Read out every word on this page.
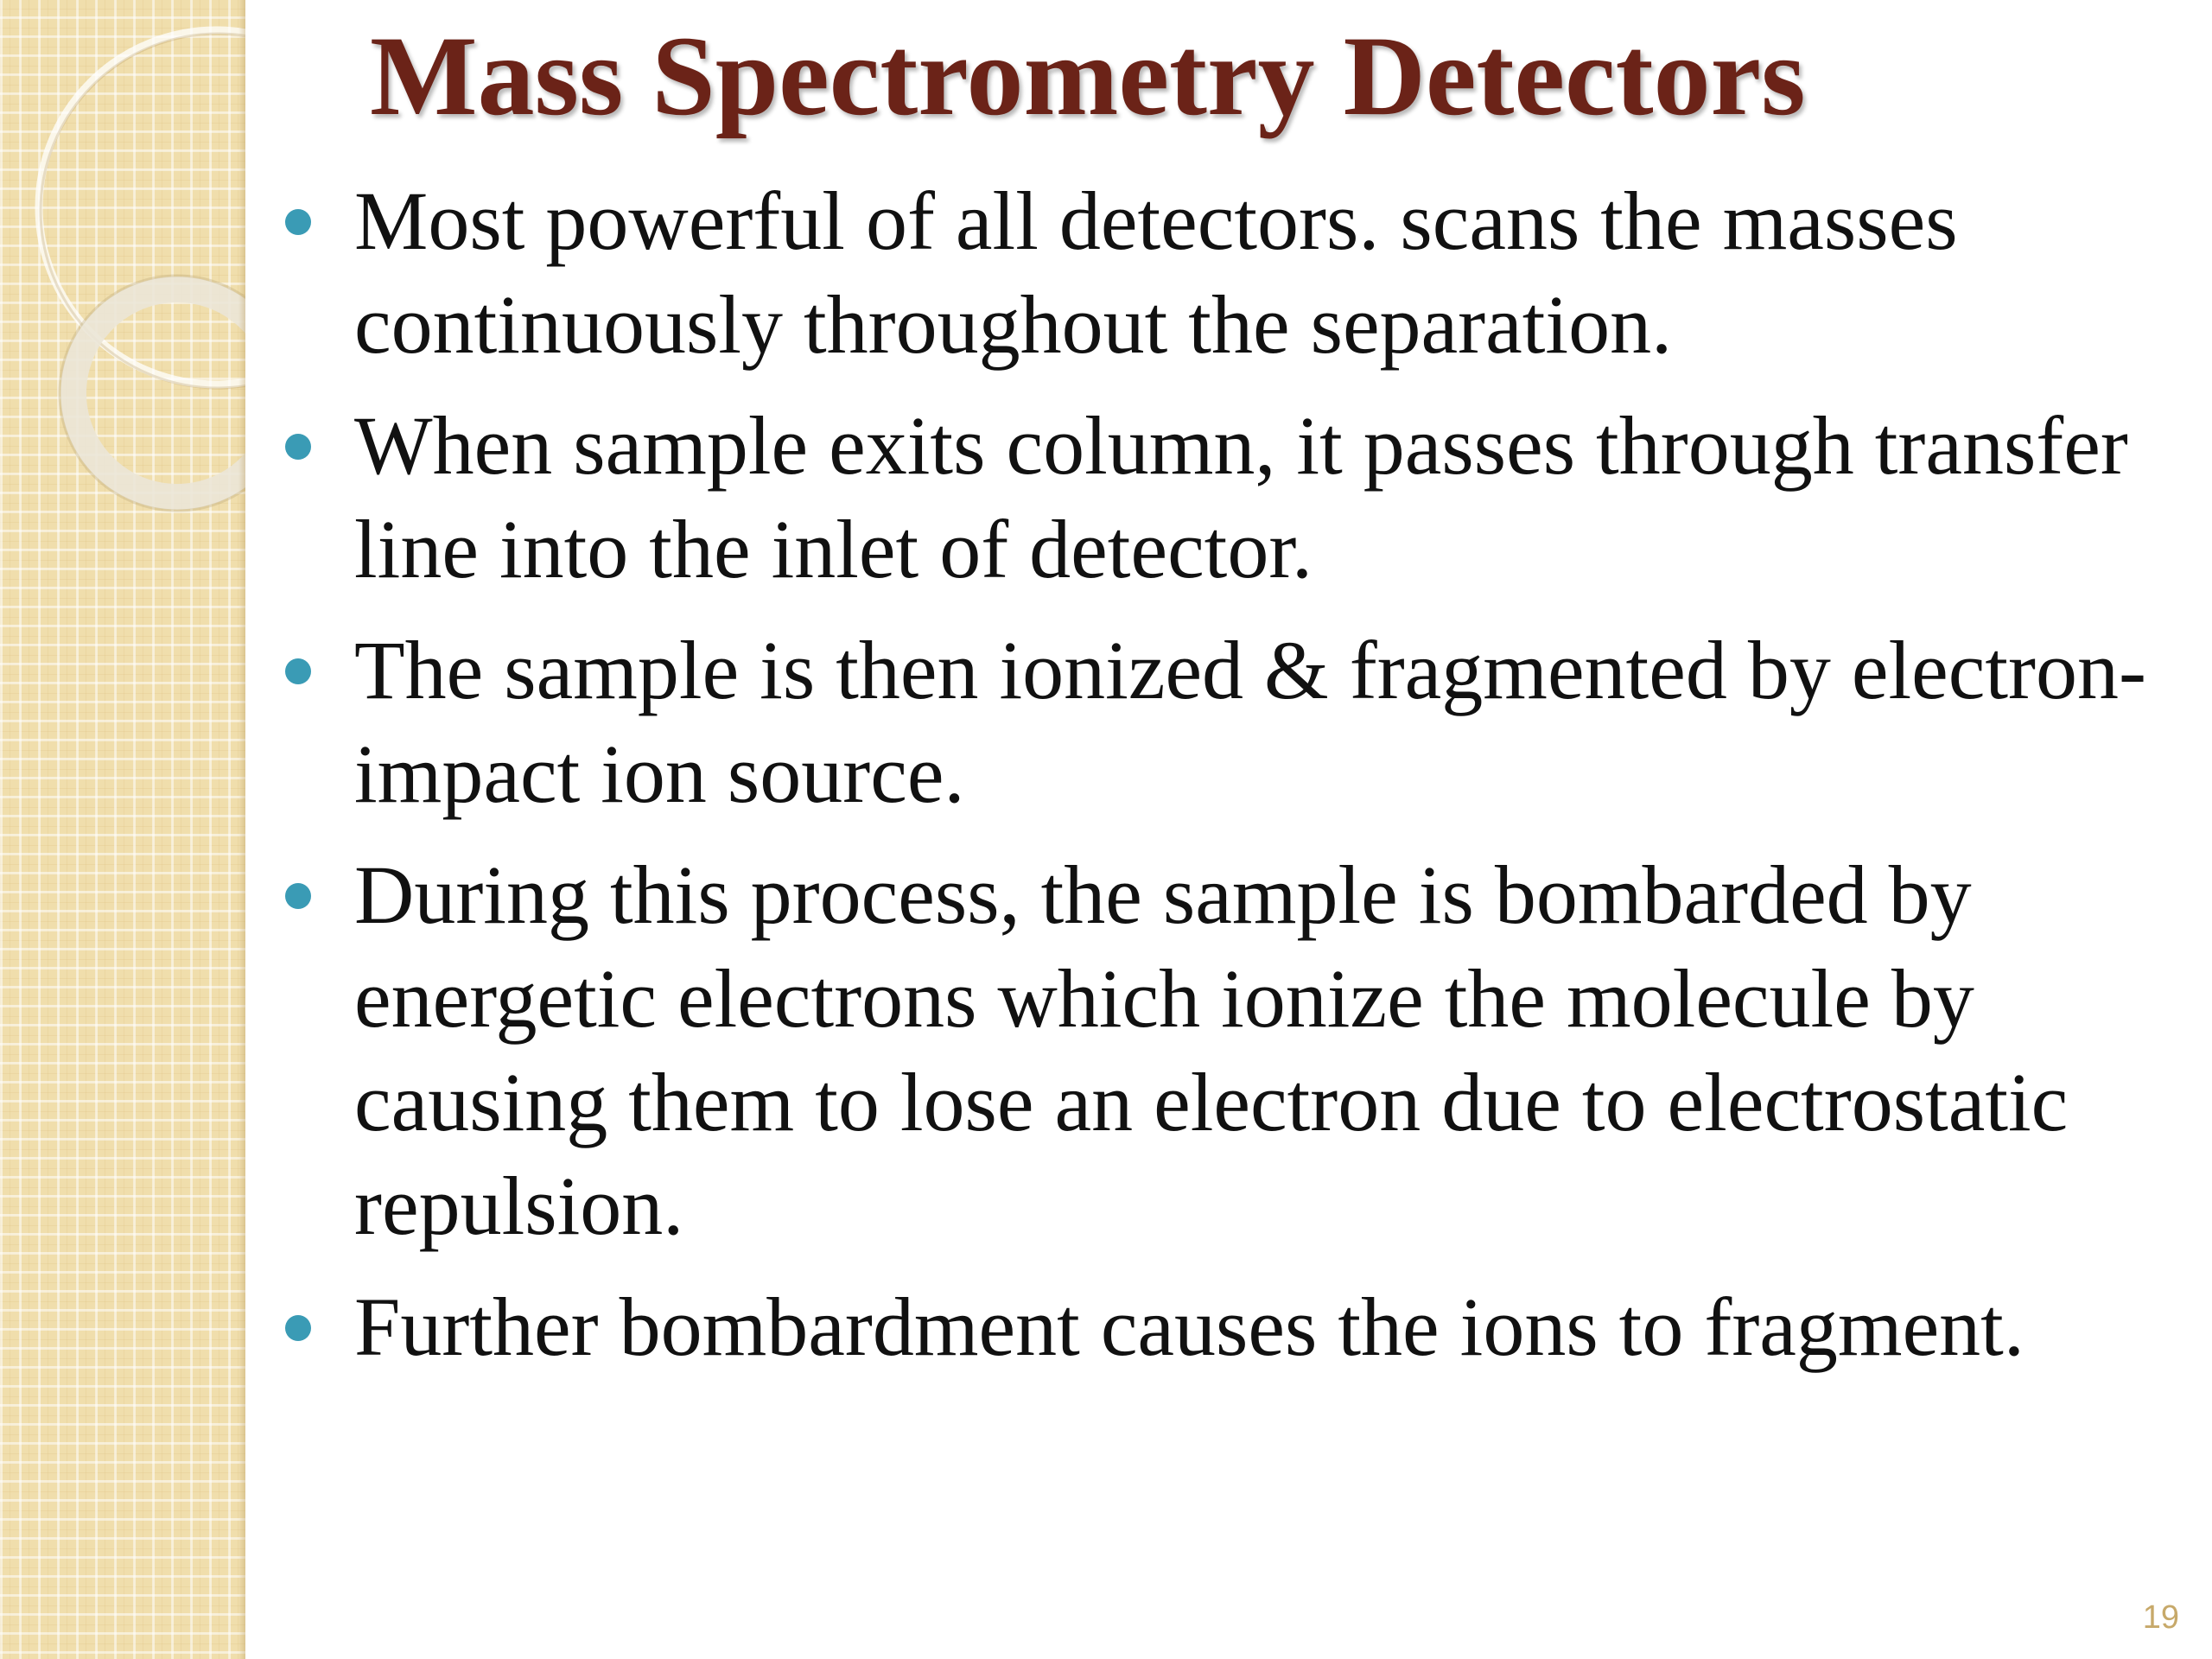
Mass Spectrometry Detectors
Most powerful of all detectors. scans the masses continuously throughout the separation.
When sample exits column, it passes through transfer line into the inlet of detector.
The sample is then ionized & fragmented by electron-impact ion source.
During this process, the sample is bombarded by energetic electrons which ionize the molecule by causing them to lose an electron due to electrostatic repulsion.
Further bombardment causes the ions to fragment.
19
